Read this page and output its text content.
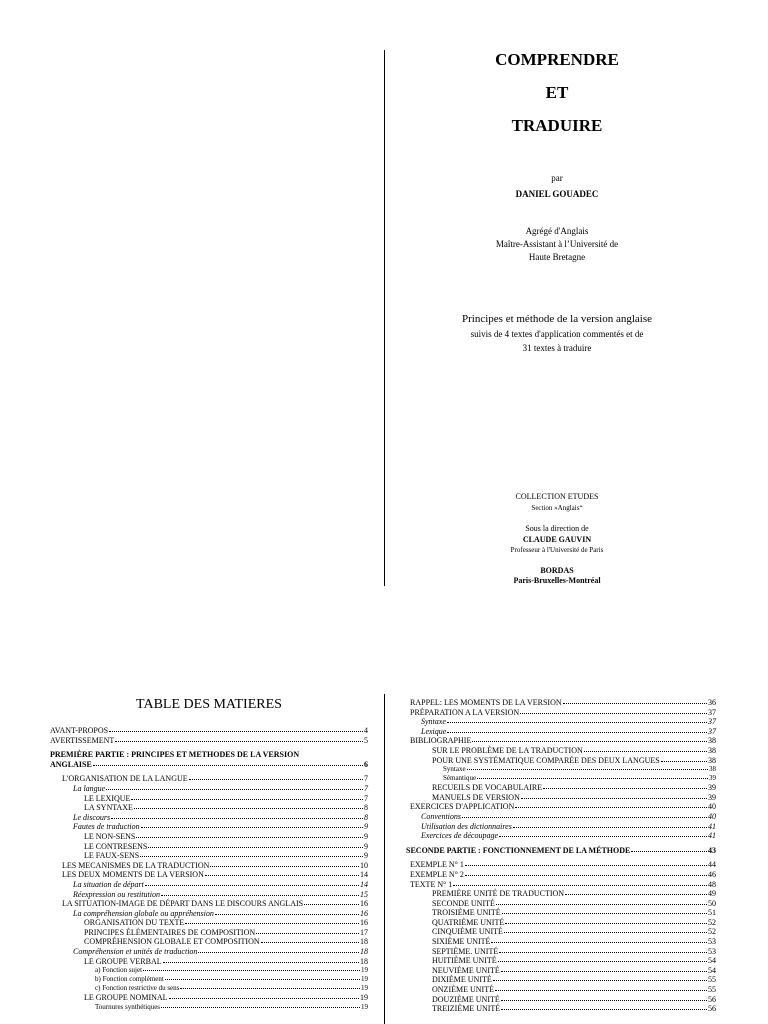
COMPRENDRE
ET
TRADUIRE
par
DANIEL GOUADEC
Agrégé d'Anglais
Maître-Assistant à l’Université de
Haute Bretagne
Principes et méthode de la version anglaise
suivis de 4 textes d'application commentés et de
31 textes à traduire
COLLECTION ETUDES
Section »Anglais“
Sous la direction de
CLAUDE GAUVIN
Professeur à l'Université de Paris
BORDAS
Paris-Bruxelles-Montréal
TABLE DES MATIERES
AVANT-PROPOS	4
AVERTISSEMENT	5
PREMIÈRE PARTIE : PRINCIPES ET METHODES DE LA VERSION
ANGLAISE	6
L'ORGANISATION DE LA LANGUE	7
La langue	7
LE LEXIQUE	7
LA SYNTAXE	8
Le discours	8
Fautes de traduction	9
LE NON-SENS	9
LE CONTRESENS	9
LE FAUX-SENS	9
LES MECANISMES DE LA TRADUCTION	10
LES DEUX MOMENTS DE LA VERSION	14
La situation de départ	14
Réexpression ou restitution	15
LA SITUATION-IMAGE DE DÉPART DANS LE DISCOURS ANGLAIS	16
La compréhension globale ou appréhension	16
ORGANISATION DU TEXTE	16
PRINCIPES ÉLÉMENTAIRES DE COMPOSITION	17
COMPRÉHENSION GLOBALE ET COMPOSITION	18
Compréhension et unités de traduction	18
LE GROUPE VERBAL	18
a) Fonction sujet	19
b) Fonction complément	19
c) Fonction restrictive du sens	19
LE GROUPE NOMINAL	19
Tournures synthétiques	19
RAPPEL: LES MOMENTS DE LA VERSION	36
PRÉPARATION A LA VERSION	37
Syntaxe	37
Lexique	37
BIBLIOGRAPHIE	38
SUR LE PROBLÈME DE LA TRADUCTION	38
POUR UNE SYSTÉMATIQUE COMPARÉE DES DEUX LANGUES	38
Syntaxe	38
Sémantique	39
RECUEILS DE VOCABULAIRE	39
MANUELS DE VERSION	39
EXERCICES D'APPLICATION	40
Conventions	40
Utilisation des dictionnaires	41
Exercices de découpage	41
SECONDE PARTIE : FONCTIONNEMENT DE LA MÉTHODE	43
EXEMPLE N° 1	44
EXEMPLE N° 2	46
TEXTE N° 1	48
PREMIÈRE UNITÉ DE TRADUCTION	49
SECONDE UNITÉ	50
TROISIÈME UNITÉ	51
QUATRIÈME UNITÉ	52
CINQUIÈME UNITÉ	52
SIXIÈME UNITÉ	53
SEPTIÈME. UNITÉ	53
HUITIÈME UNITÉ	54
NEUVIÈME UNITÉ	54
DIXIÈME UNITÉ	55
ONZIÈME UNITÉ	55
DOUZIÈME UNITÉ	56
TREIZIÈME UNITÉ	56
